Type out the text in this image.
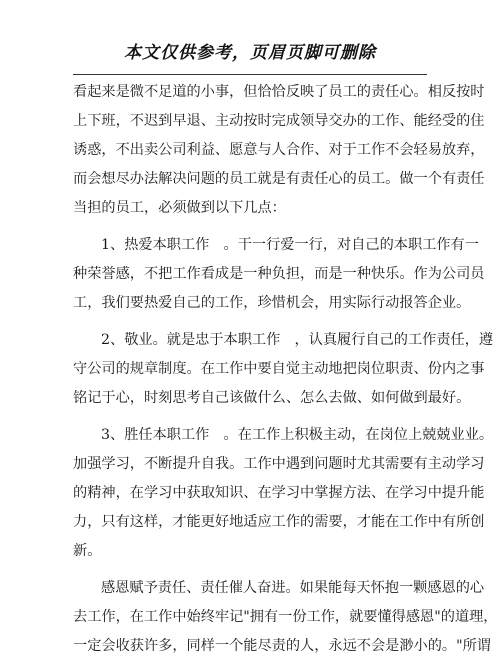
本文仅供参考，页眉页脚可删除
看起来是微不足道的小事，但恰恰反映了员工的责任心。相反按时
上下班，不迟到早退、主动按时完成领导交办的工作、能经受的住
诱惑，不出卖公司利益、愿意与人合作、对于工作不会轻易放弃，
而会想尽办法解决问题的员工就是有责任心的员工。做一个有责任
当担的员工，必须做到以下几点：
1、热爱本职工作　。干一行爱一行，对自己的本职工作有一
种荣誉感，不把工作看成是一种负担，而是一种快乐。作为公司员
工，我们要热爱自己的工作，珍惜机会，用实际行动报答企业。
2、敬业。就是忠于本职工作　，认真履行自己的工作责任，遵
守公司的规章制度。在工作中要自觉主动地把岗位职责、份内之事
铭记于心，时刻思考自己该做什么、怎么去做、如何做到最好。
3、胜任本职工作　。在工作上积极主动，在岗位上兢兢业业。
加强学习，不断提升自我。工作中遇到问题时尤其需要有主动学习
的精神，在学习中获取知识、在学习中掌握方法、在学习中提升能
力，只有这样，才能更好地适应工作的需要，才能在工作中有所创
新。
感恩赋予责任、责任催人奋进。如果能每天怀抱一颗感恩的心
去工作，在工作中始终牢记"拥有一份工作，就要懂得感恩"的道理，
一定会收获许多，同样一个能尽责的人，永远不会是渺小的。"所谓
